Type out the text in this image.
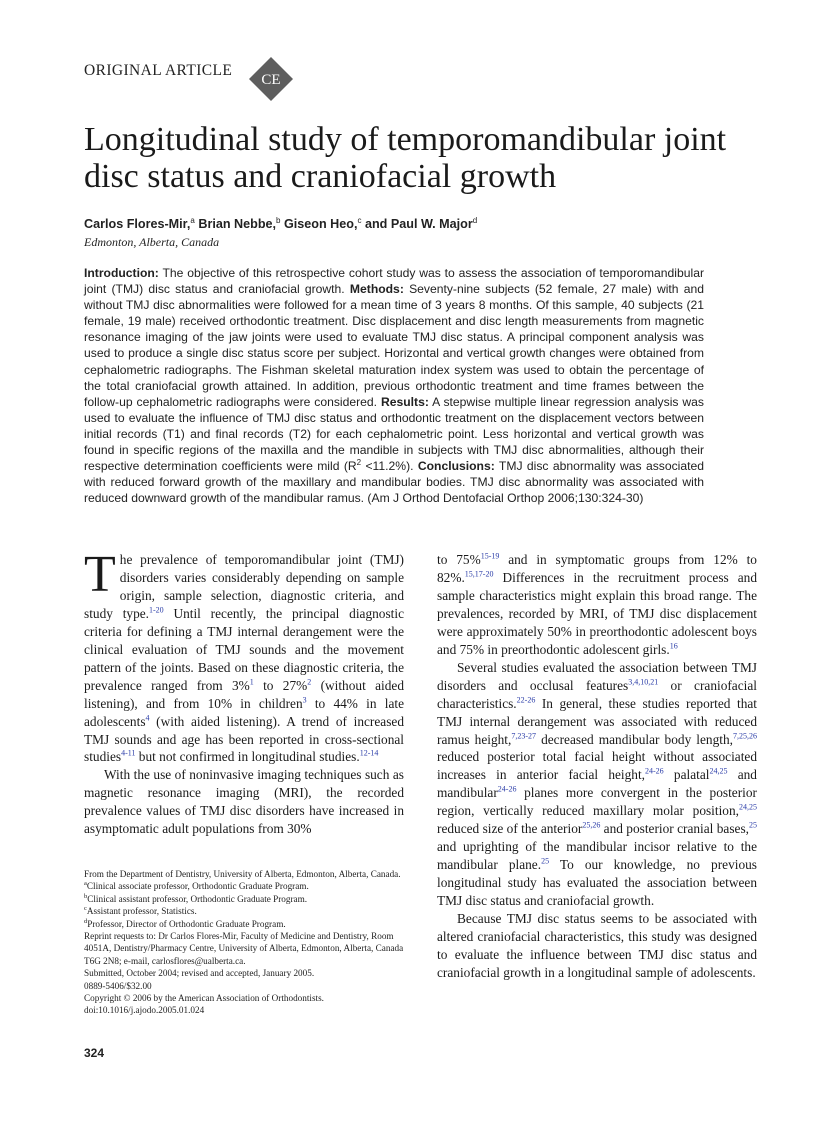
ORIGINAL ARTICLE
CE
Longitudinal study of temporomandibular joint disc status and craniofacial growth
Carlos Flores-Mir,$^a$ Brian Nebbe,$^b$ Giseon Heo,$^c$ and Paul W. Major$^d$
Edmonton, Alberta, Canada

Introduction: The objective of this retrospective cohort study was to assess the association of temporomandibular joint (TMJ) disc status and craniofacial growth. Methods: Seventy-nine subjects (52 female, 27 male) with and without TMJ disc abnormalities were followed for a mean time of 3 years 8 months. Of this sample, 40 subjects (21 female, 19 male) received orthodontic treatment. Disc displacement and disc length measurements from magnetic resonance imaging of the jaw joints were used to evaluate TMJ disc status. A principal component analysis was used to produce a single disc status score per subject. Horizontal and vertical growth changes were obtained from cephalometric radiographs. The Fishman skeletal maturation index system was used to obtain the percentage of the total craniofacial growth attained. In addition, previous orthodontic treatment and time frames between the follow-up cephalometric radiographs were considered. Results: A stepwise multiple linear regression analysis was used to evaluate the influence of TMJ disc status and orthodontic treatment on the displacement vectors between initial records (T1) and final records (T2) for each cephalometric point. Less horizontal and vertical growth was found in specific regions of the maxilla and the mandible in subjects with TMJ disc abnormalities, although their respective determination coefficients were mild $(R^2 <11.2\%)$. Conclusions: TMJ disc abnormality was associated with reduced forward growth of the maxillary and mandibular bodies. TMJ disc abnormality was associated with reduced downward growth of the mandibular ramus. (Am J Orthod Dentofacial Orthop 2006;130:324-30)

The prevalence of temporomandibular joint (TMJ) disorders varies considerably depending on sample origin, sample selection, diagnostic criteria, and study type.$^{1-20}$ Until recently, the principal diagnostic criteria for defining a TMJ internal derangement were the clinical evaluation of TMJ sounds and the movement pattern of the joints. Based on these diagnostic criteria, the prevalence ranged from 3%$^1$ to 27%$^2$ (without aided listening), and from 10% in children$^3$ to 44% in late adolescents$^4$ (with aided listening). A trend of increased TMJ sounds and age has been reported in cross-sectional studies$^{4-11}$ but not confirmed in longitudinal studies.$^{12-14}$

With the use of noninvasive imaging techniques such as magnetic resonance imaging (MRI), the recorded prevalence values of TMJ disc disorders have increased in asymptomatic adult populations from 30%

to 75%$^{15-19}$ and in symptomatic groups from 12% to 82%.$^{15,17-20}$ Differences in the recruitment process and sample characteristics might explain this broad range. The prevalences, recorded by MRI, of TMJ disc displacement were approximately 50% in preorthodontic adolescent boys and 75% in preorthodontic adolescent girls.$^{16}$

Several studies evaluated the association between TMJ disorders and occlusal features$^{3,4,10,21}$ or craniofacial characteristics.$^{22-26}$ In general, these studies reported that TMJ internal derangement was associated with reduced ramus height,$^{7,23-27}$ decreased mandibular body length,$^{7,25,26}$ reduced posterior total facial height without associated increases in anterior facial height,$^{24-26}$ palatal$^{24,25}$ and mandibular$^{24-26}$ planes more convergent in the posterior region, vertically reduced maxillary molar position,$^{24,25}$ reduced size of the anterior$^{25,26}$ and posterior cranial bases,$^{25}$ and uprighting of the mandibular incisor relative to the mandibular plane.$^{25}$ To our knowledge, no previous longitudinal study has evaluated the association between TMJ disc status and craniofacial growth.

Because TMJ disc status seems to be associated with altered craniofacial characteristics, this study was designed to evaluate the influence between TMJ disc status and craniofacial growth in a longitudinal sample of adolescents.

From the Department of Dentistry, University of Alberta, Edmonton, Alberta, Canada.
$^a$Clinical associate professor, Orthodontic Graduate Program.
$^b$Clinical assistant professor, Orthodontic Graduate Program.
$^c$Assistant professor, Statistics.
$^d$Professor, Director of Orthodontic Graduate Program.
Reprint requests to: Dr Carlos Flores-Mir, Faculty of Medicine and Dentistry, Room 4051A, Dentistry/Pharmacy Centre, University of Alberta, Edmonton, Alberta, Canada T6G 2N8; e-mail, carlosflores@ualberta.ca.
Submitted, October 2004; revised and accepted, January 2005.
0889-5406/$32.00
Copyright © 2006 by the American Association of Orthodontists.
doi:10.1016/j.ajodo.2005.01.024
324
